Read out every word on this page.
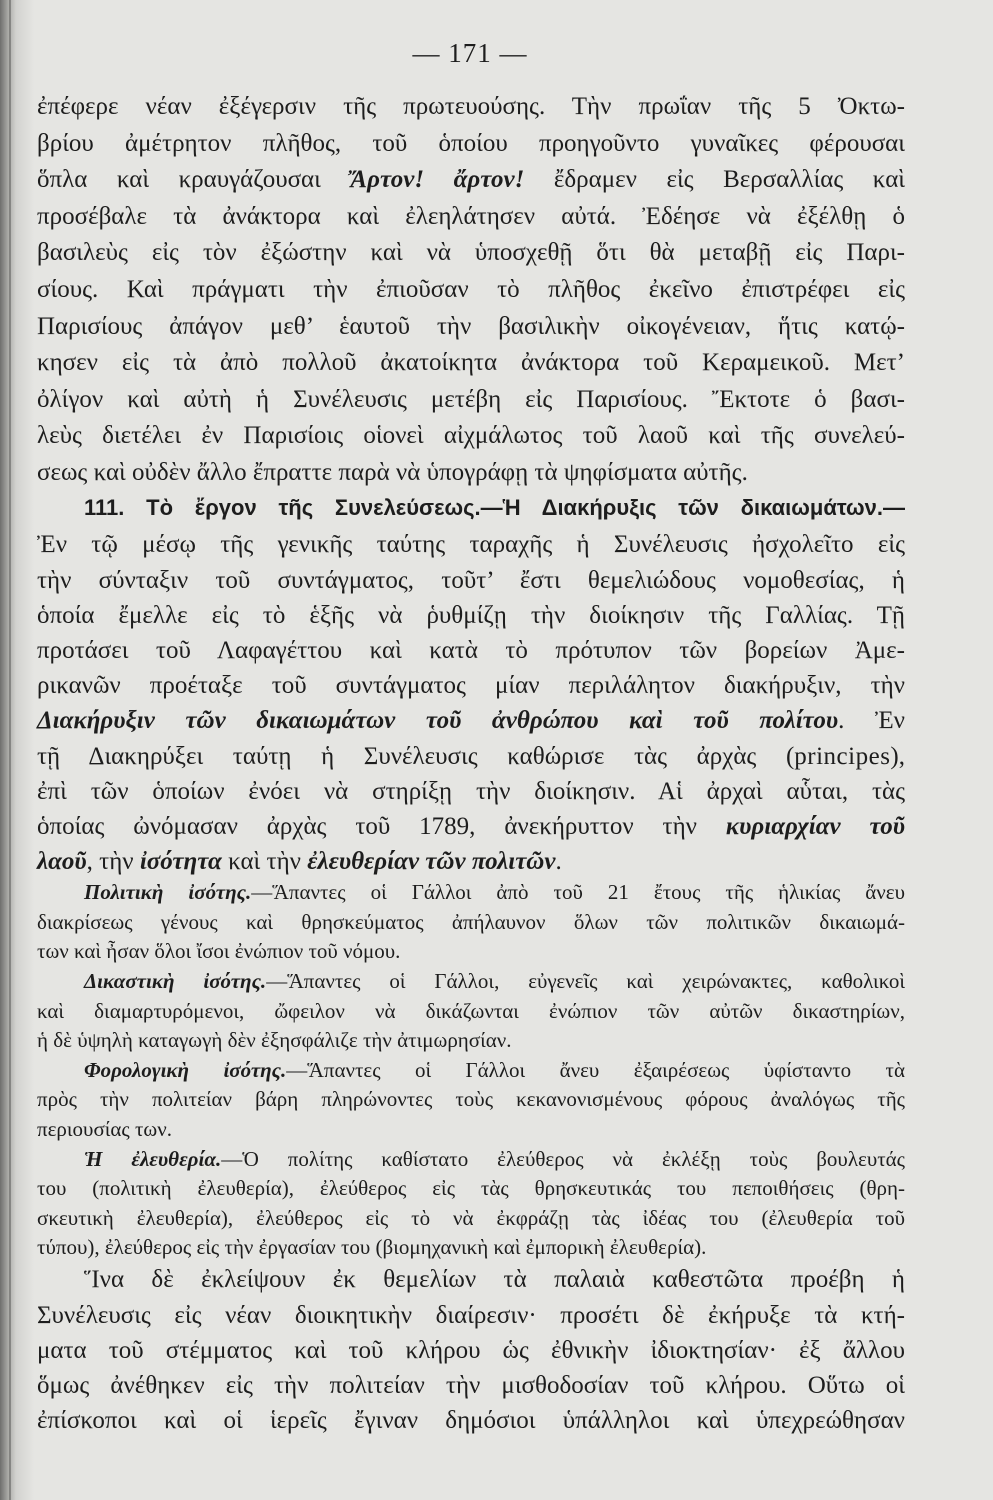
— 171 —
ἐπέφερε νέαν ἐξέγερσιν τῆς πρωτευούσης. Τὴν πρωΐαν τῆς 5 Ὀκτω-
βρίου ἀμέτρητον πλῆθος, τοῦ ὁποίου προηγοῦντο γυναῖκες φέρουσαι
ὅπλα καὶ κραυγάζουσαι Ἄρτον! ἄρτον! ἔδραμεν εἰς Βερσαλλίας καὶ
προσέβαλε τὰ ἀνάκτορα καὶ ἐλεηλάτησεν αὐτά. Ἐδέησε νὰ ἐξέλθῃ ὁ
βασιλεὺς εἰς τὸν ἐξώστην καὶ νὰ ὑποσχεθῇ ὅτι θὰ μεταβῇ εἰς Παρι-
σίους. Καὶ πράγματι τὴν ἐπιοῦσαν τὸ πλῆθος ἐκεῖνο ἐπιστρέφει εἰς
Παρισίους ἀπάγον μεθ’ ἑαυτοῦ τὴν βασιλικὴν οἰκογένειαν, ἥτις κατῴ-
κησεν εἰς τὰ ἀπὸ πολλοῦ ἀκατοίκητα ἀνάκτορα τοῦ Κεραμεικοῦ. Μετ’
ὀλίγον καὶ αὐτὴ ἡ Συνέλευσις μετέβη εἰς Παρισίους. Ἔκτοτε ὁ βασι-
λεὺς διετέλει ἐν Παρισίοις οἱονεὶ αἰχμάλωτος τοῦ λαοῦ καὶ τῆς συνελεύ-
σεως καὶ οὐδὲν ἄλλο ἔπραττε παρὰ νὰ ὑπογράφῃ τὰ ψηφίσματα αὐτῆς.
111. Τὸ ἔργον τῆς Συνελεύσεως.—Ἡ Διακήρυξις τῶν δικαιωμάτων.—
Ἐν τῷ μέσῳ τῆς γενικῆς ταύτης ταραχῆς ἡ Συνέλευσις ἠσχολεῖτο εἰς
τὴν σύνταξιν τοῦ συντάγματος, τοῦτ’ ἔστι θεμελιώδους νομοθεσίας, ἡ
ὁποία ἔμελλε εἰς τὸ ἑξῆς νὰ ῥυθμίζῃ τὴν διοίκησιν τῆς Γαλλίας. Τῇ
προτάσει τοῦ Λαφαγέττου καὶ κατὰ τὸ πρότυπον τῶν βορείων Ἀμε-
ρικανῶν προέταξε τοῦ συντάγματος μίαν περιλάλητον διακήρυξιν, τὴν
Διακήρυξιν τῶν δικαιωμάτων τοῦ ἀνθρώπου καὶ τοῦ πολίτου. Ἐν
τῇ Διακηρύξει ταύτῃ ἡ Συνέλευσις καθώρισε τὰς ἀρχὰς (principes),
ἐπὶ τῶν ὁποίων ἐνόει νὰ στηρίξῃ τὴν διοίκησιν. Αἱ ἀρχαὶ αὗται, τὰς
ὁποίας ὠνόμασαν ἀρχὰς τοῦ 1789, ἀνεκήρυττον τὴν κυριαρχίαν τοῦ
λαοῦ, τὴν ἰσότητα καὶ τὴν ἐλευθερίαν τῶν πολιτῶν.
Πολιτικὴ ἰσότης.—Ἅπαντες οἱ Γάλλοι ἀπὸ τοῦ 21 ἔτους τῆς ἡλικίας ἄνευ
διακρίσεως γένους καὶ θρησκεύματος ἀπήλαυνον ὅλων τῶν πολιτικῶν δικαιωμά-
των καὶ ἦσαν ὅλοι ἴσοι ἐνώπιον τοῦ νόμου.
Δικαστικὴ ἰσότης.—Ἅπαντες οἱ Γάλλοι, εὐγενεῖς καὶ χειρώνακτες, καθολικοὶ
καὶ διαμαρτυρόμενοι, ὤφειλον νὰ δικάζωνται ἐνώπιον τῶν αὐτῶν δικαστηρίων,
ἡ δὲ ὑψηλὴ καταγωγὴ δὲν ἐξησφάλιζε τὴν ἀτιμωρησίαν.
Φορολογικὴ ἰσότης.—Ἅπαντες οἱ Γάλλοι ἄνευ ἐξαιρέσεως ὑφίσταντο τὰ
πρὸς τὴν πολιτείαν βάρη πληρώνοντες τοὺς κεκανονισμένους φόρους ἀναλόγως τῆς
περιουσίας των.
Ἡ ἐλευθερία.—Ὁ πολίτης καθίστατο ἐλεύθερος νὰ ἐκλέξῃ τοὺς βουλευτάς
του (πολιτικὴ ἐλευθερία), ἐλεύθερος εἰς τὰς θρησκευτικάς του πεποιθήσεις (θρη-
σκευτικὴ ἐλευθερία), ἐλεύθερος εἰς τὸ νὰ ἐκφράζῃ τὰς ἰδέας του (ἐλευθερία τοῦ
τύπου), ἐλεύθερος εἰς τὴν ἐργασίαν του (βιομηχανικὴ καὶ ἐμπορικὴ ἐλευθερία).
Ἵνα δὲ ἐκλείψουν ἐκ θεμελίων τὰ παλαιὰ καθεστῶτα προέβη ἡ
Συνέλευσις εἰς νέαν διοικητικὴν διαίρεσιν· προσέτι δὲ ἐκήρυξε τὰ κτή-
ματα τοῦ στέμματος καὶ τοῦ κλήρου ὡς ἐθνικὴν ἰδιοκτησίαν· ἐξ ἄλλου
ὅμως ἀνέθηκεν εἰς τὴν πολιτείαν τὴν μισθοδοσίαν τοῦ κλήρου. Οὕτω οἱ
ἐπίσκοποι καὶ οἱ ἱερεῖς ἔγιναν δημόσιοι ὑπάλληλοι καὶ ὑπεχρεώθησαν
